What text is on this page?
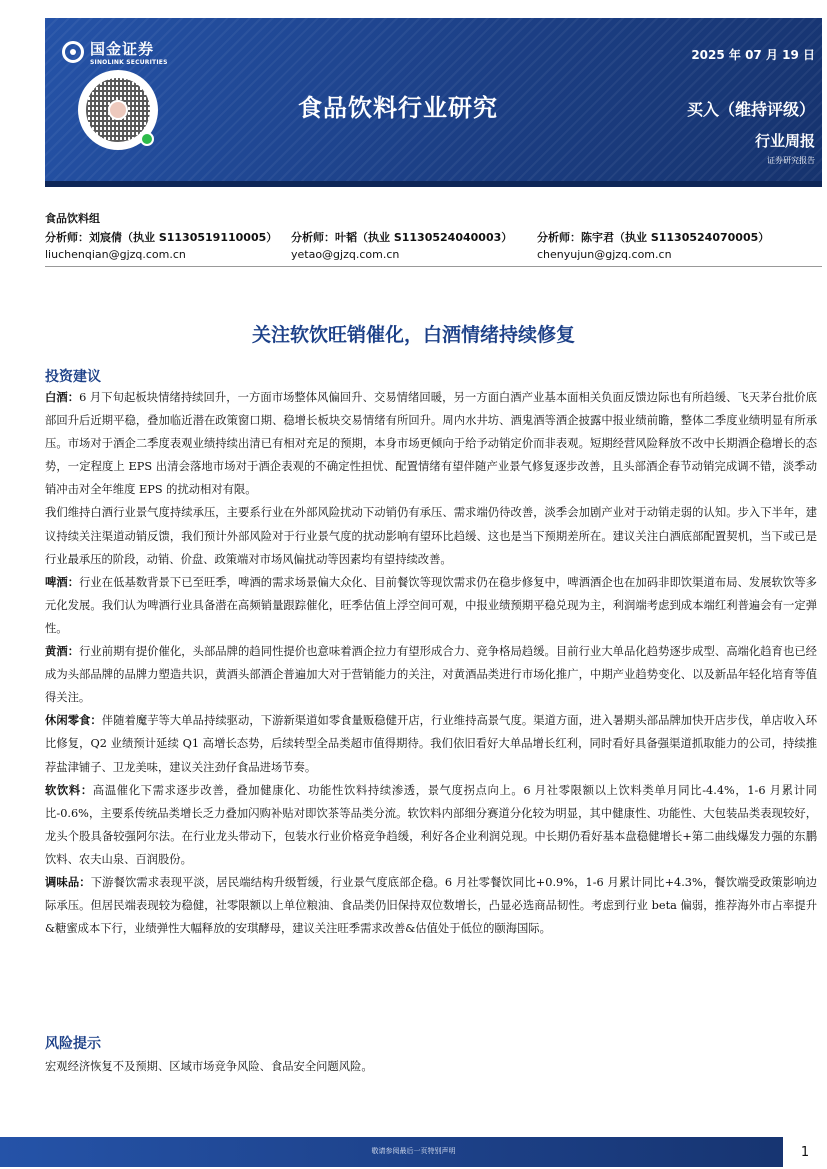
国金证券
SINOLINK SECURITIES
食品饮料行业研究
2025 年 07 月 19 日
买入（维持评级）
行业周报
证券研究报告
食品饮料组
分析师：刘宸倩（执业 S1130519110005）
liuchenqian@gjzq.com.cn
分析师：叶韬（执业 S1130524040003）
yetao@gjzq.com.cn
分析师：陈宇君（执业 S1130524070005）
chenyujun@gjzq.com.cn
关注软饮旺销催化，白酒情绪持续修复
投资建议

白酒：6 月下旬起板块情绪持续回升，一方面市场整体风偏回升、交易情绪回暖，另一方面白酒产业基本面相关负面反馈边际也有所趋缓、飞天茅台批价底部回升后近期平稳，叠加临近潜在政策窗口期、稳增长板块交易情绪有所回升。周内水井坊、酒鬼酒等酒企披露中报业绩前瞻，整体二季度业绩明显有所承压。市场对于酒企二季度表观业绩持续出清已有相对充足的预期，本身市场更倾向于给予动销定价而非表观。短期经营风险释放不改中长期酒企稳增长的态势，一定程度上 EPS 出清会落地市场对于酒企表观的不确定性担忧、配置情绪有望伴随产业景气修复逐步改善，且头部酒企春节动销完成调不错，淡季动销冲击对全年维度 EPS 的扰动相对有限。

我们维持白酒行业景气度持续承压，主要系行业在外部风险扰动下动销仍有承压、需求端仍待改善，淡季会加剧产业对于动销走弱的认知。步入下半年，建议持续关注渠道动销反馈，我们预计外部风险对于行业景气度的扰动影响有望环比趋缓、这也是当下预期差所在。建议关注白酒底部配置契机，当下或已是行业最承压的阶段，动销、价盘、政策端对市场风偏扰动等因素均有望持续改善。

啤酒：行业在低基数背景下已至旺季，啤酒的需求场景偏大众化、目前餐饮等现饮需求仍在稳步修复中，啤酒酒企也在加码非即饮渠道布局、发展软饮等多元化发展。我们认为啤酒行业具备潜在高频销量跟踪催化，旺季估值上浮空间可观，中报业绩预期平稳兑现为主，利润端考虑到成本端红利普遍会有一定弹性。

黄酒：行业前期有提价催化，头部品牌的趋同性提价也意味着酒企拉力有望形成合力、竞争格局趋缓。目前行业大单品化趋势逐步成型、高端化趋育也已经成为头部品牌的品牌力塑造共识，黄酒头部酒企普遍加大对于营销能力的关注，对黄酒品类进行市场化推广，中期产业趋势变化、以及新品年轻化培育等值得关注。

休闲零食：伴随着魔芋等大单品持续驱动，下游新渠道如零食量贩稳健开店，行业维持高景气度。渠道方面，进入暑期头部品牌加快开店步伐，单店收入环比修复，Q2 业绩预计延续 Q1 高增长态势，后续转型全品类超市值得期待。我们依旧看好大单品增长红利，同时看好具备强渠道抓取能力的公司，持续推荐盐津铺子、卫龙美味，建议关注劲仔食品进场节奏。

软饮料：高温催化下需求逐步改善，叠加健康化、功能性饮料持续渗透，景气度拐点向上。6 月社零限额以上饮料类单月同比-4.4%，1-6 月累计同比-0.6%，主要系传统品类增长乏力叠加闪购补贴对即饮茶等品类分流。软饮料内部细分赛道分化较为明显，其中健康性、功能性、大包装品类表现较好，龙头个股具备较强阿尔法。在行业龙头带动下，包装水行业价格竞争趋缓，利好各企业利润兑现。中长期仍看好基本盘稳健增长+第二曲线爆发力强的东鹏饮料、农夫山泉、百润股份。

调味品：下游餐饮需求表现平淡，居民端结构升级暂缓，行业景气度底部企稳。6 月社零餐饮同比+0.9%，1-6 月累计同比+4.3%，餐饮端受政策影响边际承压。但居民端表现较为稳健，社零限额以上单位粮油、食品类仍旧保持双位数增长，凸显必选商品韧性。考虑到行业 beta 偏弱，推荐海外市占率提升&糖蜜成本下行，业绩弹性大幅释放的安琪酵母，建议关注旺季需求改善&估值处于低位的颐海国际。

风险提示
宏观经济恢复不及预期、区域市场竞争风险、食品安全问题风险。
敬请参阅最后一页特别声明	1
